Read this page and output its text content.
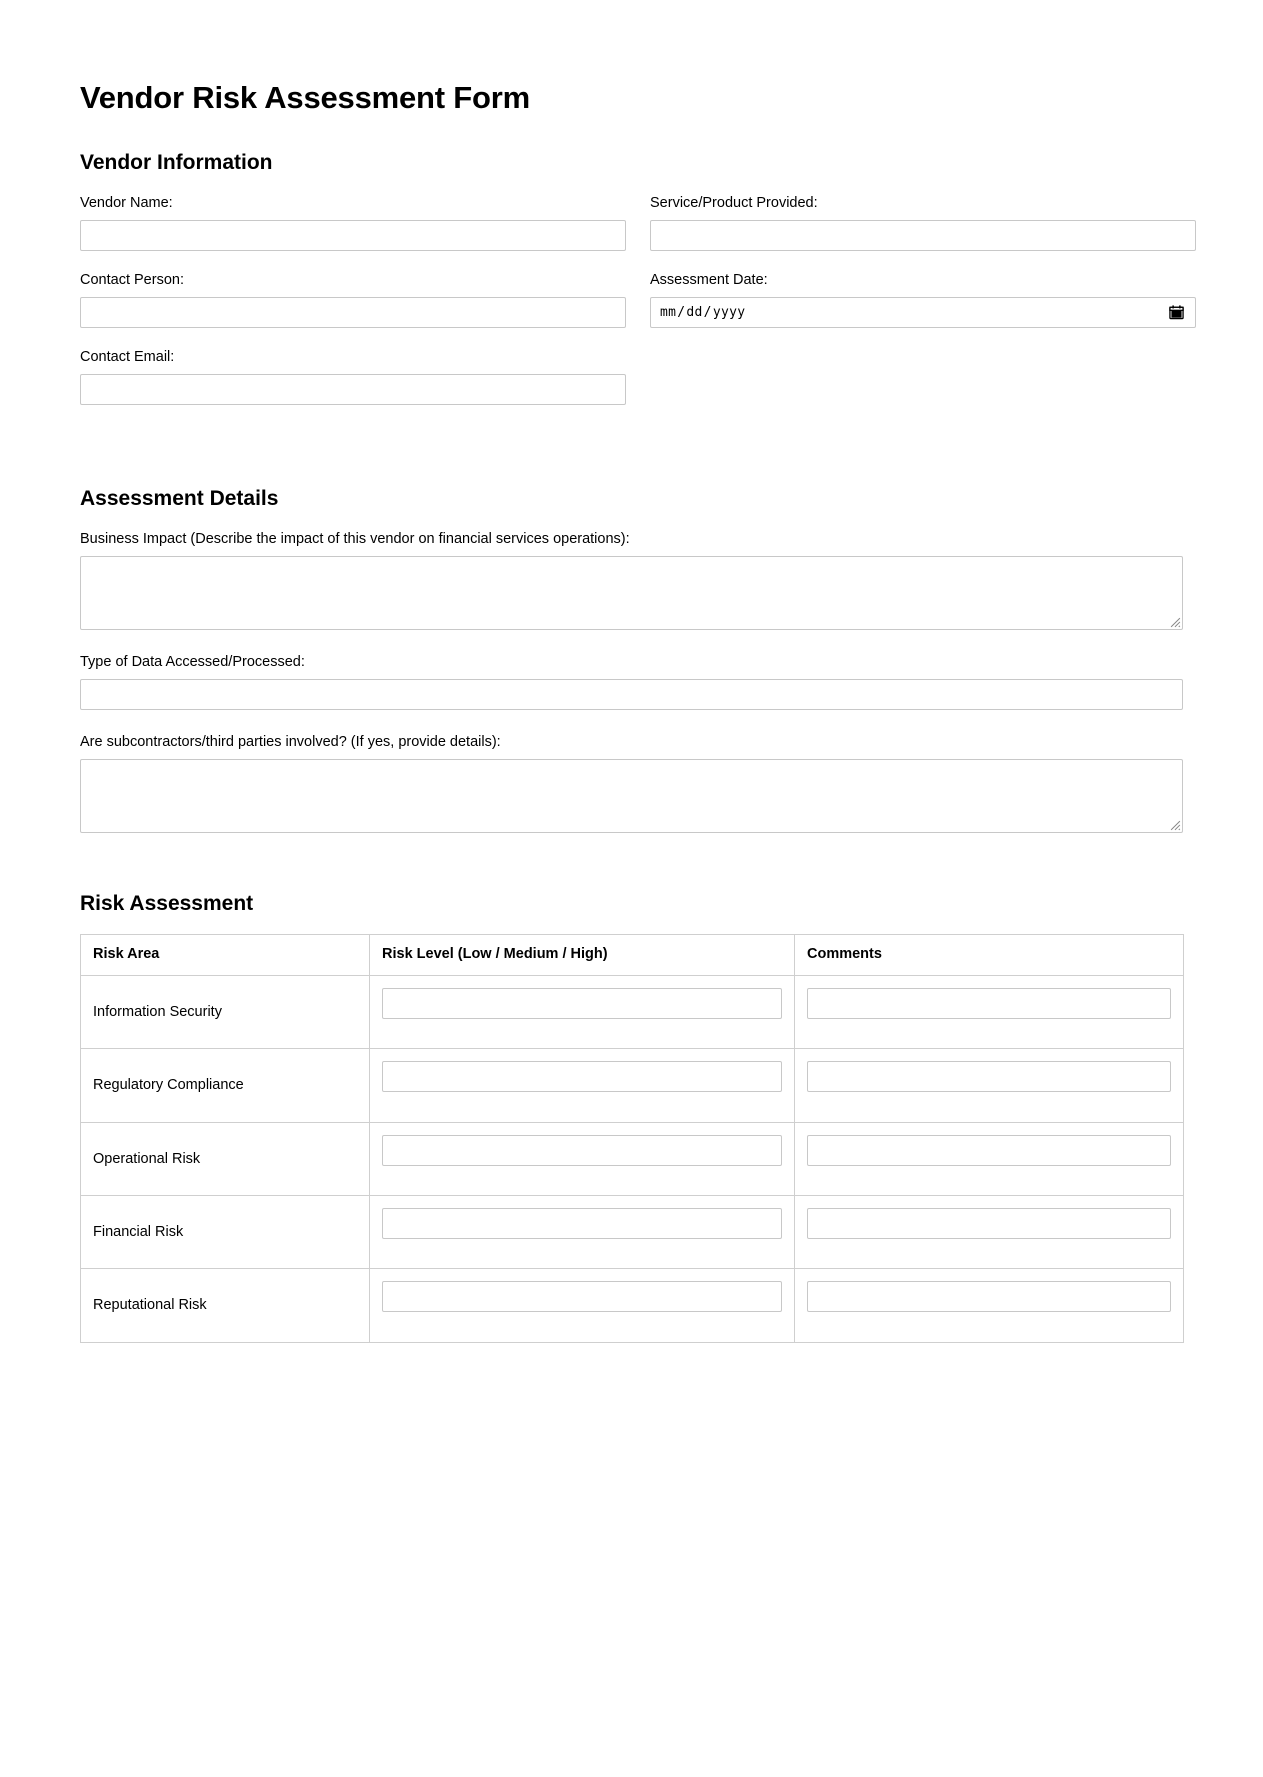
Vendor Risk Assessment Form
Vendor Information
Vendor Name:	Service/Product Provided:
Contact Person:	Assessment Date:
Contact Email:
Assessment Details
Business Impact (Describe the impact of this vendor on financial services operations):
Type of Data Accessed/Processed:
Are subcontractors/third parties involved? (If yes, provide details):
Risk Assessment
Risk Area	Risk Level (Low / Medium / High)	Comments
Information Security	

Regulatory Compliance	

Operational Risk	

Financial Risk	

Reputational Risk	
